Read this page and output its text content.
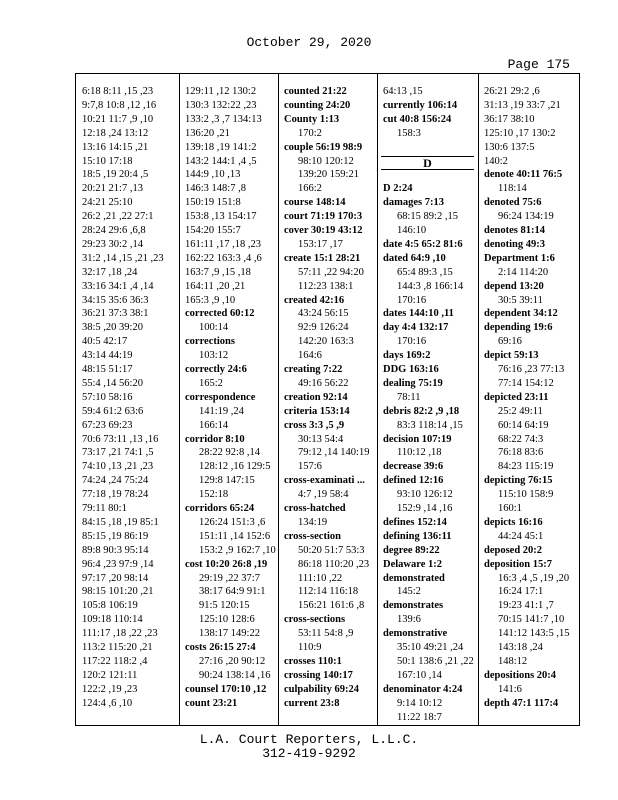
October 29, 2020
Page 175
6:18 8:11 ,15 ,23
9:7,8 10:8 ,12 ,16
10:21 11:7 ,9 ,10
12:18 ,24 13:12
13:16 14:15 ,21
15:10 17:18
18:5 ,19 20:4 ,5
20:21 21:7 ,13
24:21 25:10
26:2 ,21 ,22 27:1
28:24 29:6 ,6,8
29:23 30:2 ,14
31:2 ,14 ,15 ,21 ,23
32:17 ,18 ,24
33:16 34:1 ,4 ,14
34:15 35:6 36:3
36:21 37:3 38:1
38:5 ,20 39:20
40:5 42:17
43:14 44:19
48:15 51:17
55:4 ,14 56:20
57:10 58:16
59:4 61:2 63:6
67:23 69:23
70:6 73:11 ,13 ,16
73:17 ,21 74:1 ,5
74:10 ,13 ,21 ,23
74:24 ,24 75:24
77:18 ,19 78:24
79:11 80:1
84:15 ,18 ,19 85:1
85:15 ,19 86:19
89:8 90:3 95:14
96:4 ,23 97:9 ,14
97:17 ,20 98:14
98:15 101:20 ,21
105:8 106:19
109:18 110:14
111:17 ,18 ,22 ,23
113:2 115:20 ,21
117:22 118:2 ,4
120:2 121:11
122:2 ,19 ,23
124:4 ,6 ,10
129:11 ,12 130:2
130:3 132:22 ,23
133:2 ,3 ,7 134:13
136:20 ,21
139:18 ,19 141:2
143:2 144:1 ,4 ,5
144:9 ,10 ,13
146:3 148:7 ,8
150:19 151:8
153:8 ,13 154:17
154:20 155:7
161:11 ,17 ,18 ,23
162:22 163:3 ,4 ,6
163:7 ,9 ,15 ,18
164:11 ,20 ,21
165:3 ,9 ,10
corrected 60:12
100:14
corrections
103:12
correctly 24:6
165:2
correspondence
141:19 ,24
166:14
corridor 8:10
28:22 92:8 ,14
128:12 ,16 129:5
129:8 147:15
152:18
corridors 65:24
126:24 151:3 ,6
151:11 ,14 152:6
153:2 ,9 162:7 ,10
cost 10:20 26:8 ,19
29:19 ,22 37:7
38:17 64:9 91:1
91:5 120:15
125:10 128:6
138:17 149:22
costs 26:15 27:4
27:16 ,20 90:12
90:24 138:14 ,16
counsel 170:10 ,12
count 23:21
counted 21:22
counting 24:20
County 1:13
170:2
couple 56:19 98:9
98:10 120:12
139:20 159:21
166:2
course 148:14
court 71:19 170:3
cover 30:19 43:12
153:17 ,17
create 15:1 28:21
57:11 ,22 94:20
112:23 138:1
created 42:16
43:24 56:15
92:9 126:24
142:20 163:3
164:6
creating 7:22
49:16 56:22
creation 92:14
criteria 153:14
cross 3:3 ,5 ,9
30:13 54:4
79:12 ,14 140:19
157:6
cross-examinati ...
4:7 ,19 58:4
cross-hatched
134:19
cross-section
50:20 51:7 53:3
86:18 110:20 ,23
111:10 ,22
112:14 116:18
156:21 161:6 ,8
cross-sections
53:11 54:8 ,9
110:9
crosses 110:1
crossing 140:17
culpability 69:24
current 23:8
64:13 ,15
currently 106:14
cut 40:8 156:24
158:3
D
D 2:24
damages 7:13
68:15 89:2 ,15
146:10
date 4:5 65:2 81:6
dated 64:9 ,10
65:4 89:3 ,15
144:3 ,8 166:14
170:16
dates 144:10 ,11
day 4:4 132:17
170:16
days 169:2
DDG 163:16
dealing 75:19
78:11
debris 82:2 ,9 ,18
83:3 118:14 ,15
decision 107:19
110:12 ,18
decrease 39:6
defined 12:16
93:10 126:12
152:9 ,14 ,16
defines 152:14
defining 136:11
degree 89:22
Delaware 1:2
demonstrated
145:2
demonstrates
139:6
demonstrative
35:10 49:21 ,24
50:1 138:6 ,21 ,22
167:10 ,14
denominator 4:24
9:14 10:12
11:22 18:7
26:21 29:2 ,6
31:13 ,19 33:7 ,21
36:17 38:10
125:10 ,17 130:2
130:6 137:5
140:2
denote 40:11 76:5
118:14
denoted 75:6
96:24 134:19
denotes 81:14
denoting 49:3
Department 1:6
2:14 114:20
depend 13:20
30:5 39:11
dependent 34:12
depending 19:6
69:16
depict 59:13
76:16 ,23 77:13
77:14 154:12
depicted 23:11
25:2 49:11
60:14 64:19
68:22 74:3
76:18 83:6
84:23 115:19
depicting 76:15
115:10 158:9
160:1
depicts 16:16
44:24 45:1
deposed 20:2
deposition 15:7
16:3 ,4 ,5 ,19 ,20
16:24 17:1
19:23 41:1 ,7
70:15 141:7 ,10
141:12 143:5 ,15
143:18 ,24
148:12
depositions 20:4
141:6
depth 47:1 117:4
L.A. Court Reporters, L.L.C.
312-419-9292
